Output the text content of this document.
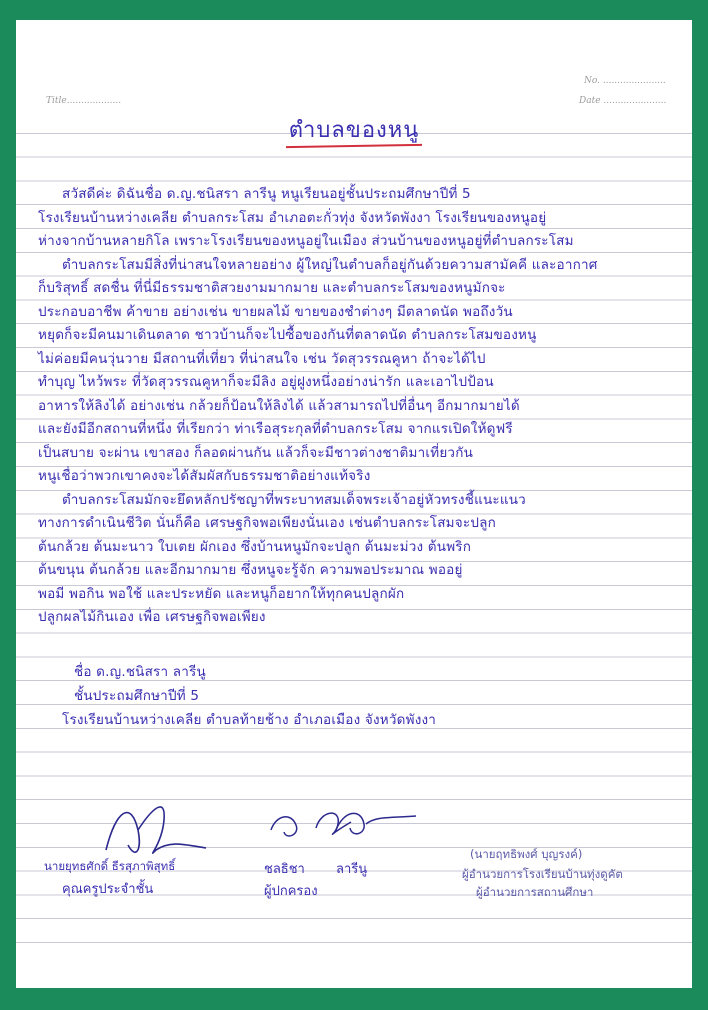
No. ......................
Title...................	Date ......................
ตำบลของหนู
สวัสดีค่ะ ดิฉันชื่อ ด.ญ.ชนิสรา ลารีนู หนูเรียนอยู่ชั้นประถมศึกษาปีที่ 5
โรงเรียนบ้านหว่างเคลีย ตำบลกระโสม อำเภอตะกั่วทุ่ง จังหวัดพังงา โรงเรียนของหนูอยู่
ห่างจากบ้านหลายกิโล เพราะโรงเรียนของหนูอยู่ในเมือง ส่วนบ้านของหนูอยู่ที่ตำบลกระโสม
ตำบลกระโสมมีสิ่งที่น่าสนใจหลายอย่าง ผู้ใหญ่ในตำบลก็อยู่กันด้วยความสามัคคี และอากาศ
ก็บริสุทธิ์ สดชื่น ที่นี่มีธรรมชาติสวยงามมากมาย และตำบลกระโสมของหนูมักจะ
ประกอบอาชีพ ค้าขาย อย่างเช่น ขายผลไม้ ขายของชำต่างๆ มีตลาดนัด พอถึงวัน
หยุดก็จะมีคนมาเดินตลาด ชาวบ้านก็จะไปซื้อของกันที่ตลาดนัด ตำบลกระโสมของหนู
ไม่ค่อยมีคนวุ่นวาย มีสถานที่เที่ยว ที่น่าสนใจ เช่น วัดสุวรรณคูหา ถ้าจะได้ไป
ทำบุญ ไหว้พระ ที่วัดสุวรรณคูหาก็จะมีลิง อยู่ฝูงหนึ่งอย่างน่ารัก และเอาไปป้อน
อาหารให้ลิงได้ อย่างเช่น กล้วยก็ป้อนให้ลิงได้ แล้วสามารถไปที่อื่นๆ อีกมากมายได้
และยังมีอีกสถานที่หนึ่ง ที่เรียกว่า ท่าเรือสุระกุลที่ตำบลกระโสม จากแรเปิดให้ดูฟรี
เป็นสบาย จะผ่าน เขาสอง ก็ลอดผ่านกัน แล้วก็จะมีชาวต่างชาติมาเที่ยวกัน
หนูเชื่อว่าพวกเขาคงจะได้สัมผัสกับธรรมชาติอย่างแท้จริง
ตำบลกระโสมมักจะยึดหลักปรัชญาที่พระบาทสมเด็จพระเจ้าอยู่หัวทรงชี้แนะแนว
ทางการดำเนินชีวิต นั่นก็คือ เศรษฐกิจพอเพียงนั่นเอง เช่นตำบลกระโสมจะปลูก
ต้นกล้วย ต้นมะนาว ใบเตย ผักเอง ซึ่งบ้านหนูมักจะปลูก ต้นมะม่วง ต้นพริก
ต้นขนุน ต้นกล้วย และอีกมากมาย ซึ่งหนูจะรู้จัก ความพอประมาณ พออยู่
พอมี พอกิน พอใช้ และประหยัด และหนูก็อยากให้ทุกคนปลูกผัก
ปลูกผลไม้กินเอง เพื่อ เศรษฐกิจพอเพียง
ชื่อ ด.ญ.ชนิสรา ลารีนู
ชั้นประถมศึกษาปีที่ 5
โรงเรียนบ้านหว่างเคลีย ตำบลท้ายช้าง อำเภอเมือง จังหวัดพังงา
นายยุทธศักดิ์ ธีรสุภาพิสุทธิ์
คุณครูประจำชั้น
ชลธิชา ลารีนู
ผู้ปกครอง
(นายฤทธิพงศ์ บุญรงค์)
ผู้อำนวยการโรงเรียนบ้านทุ่งดูคัต
ผู้อำนวยการสถานศึกษา
